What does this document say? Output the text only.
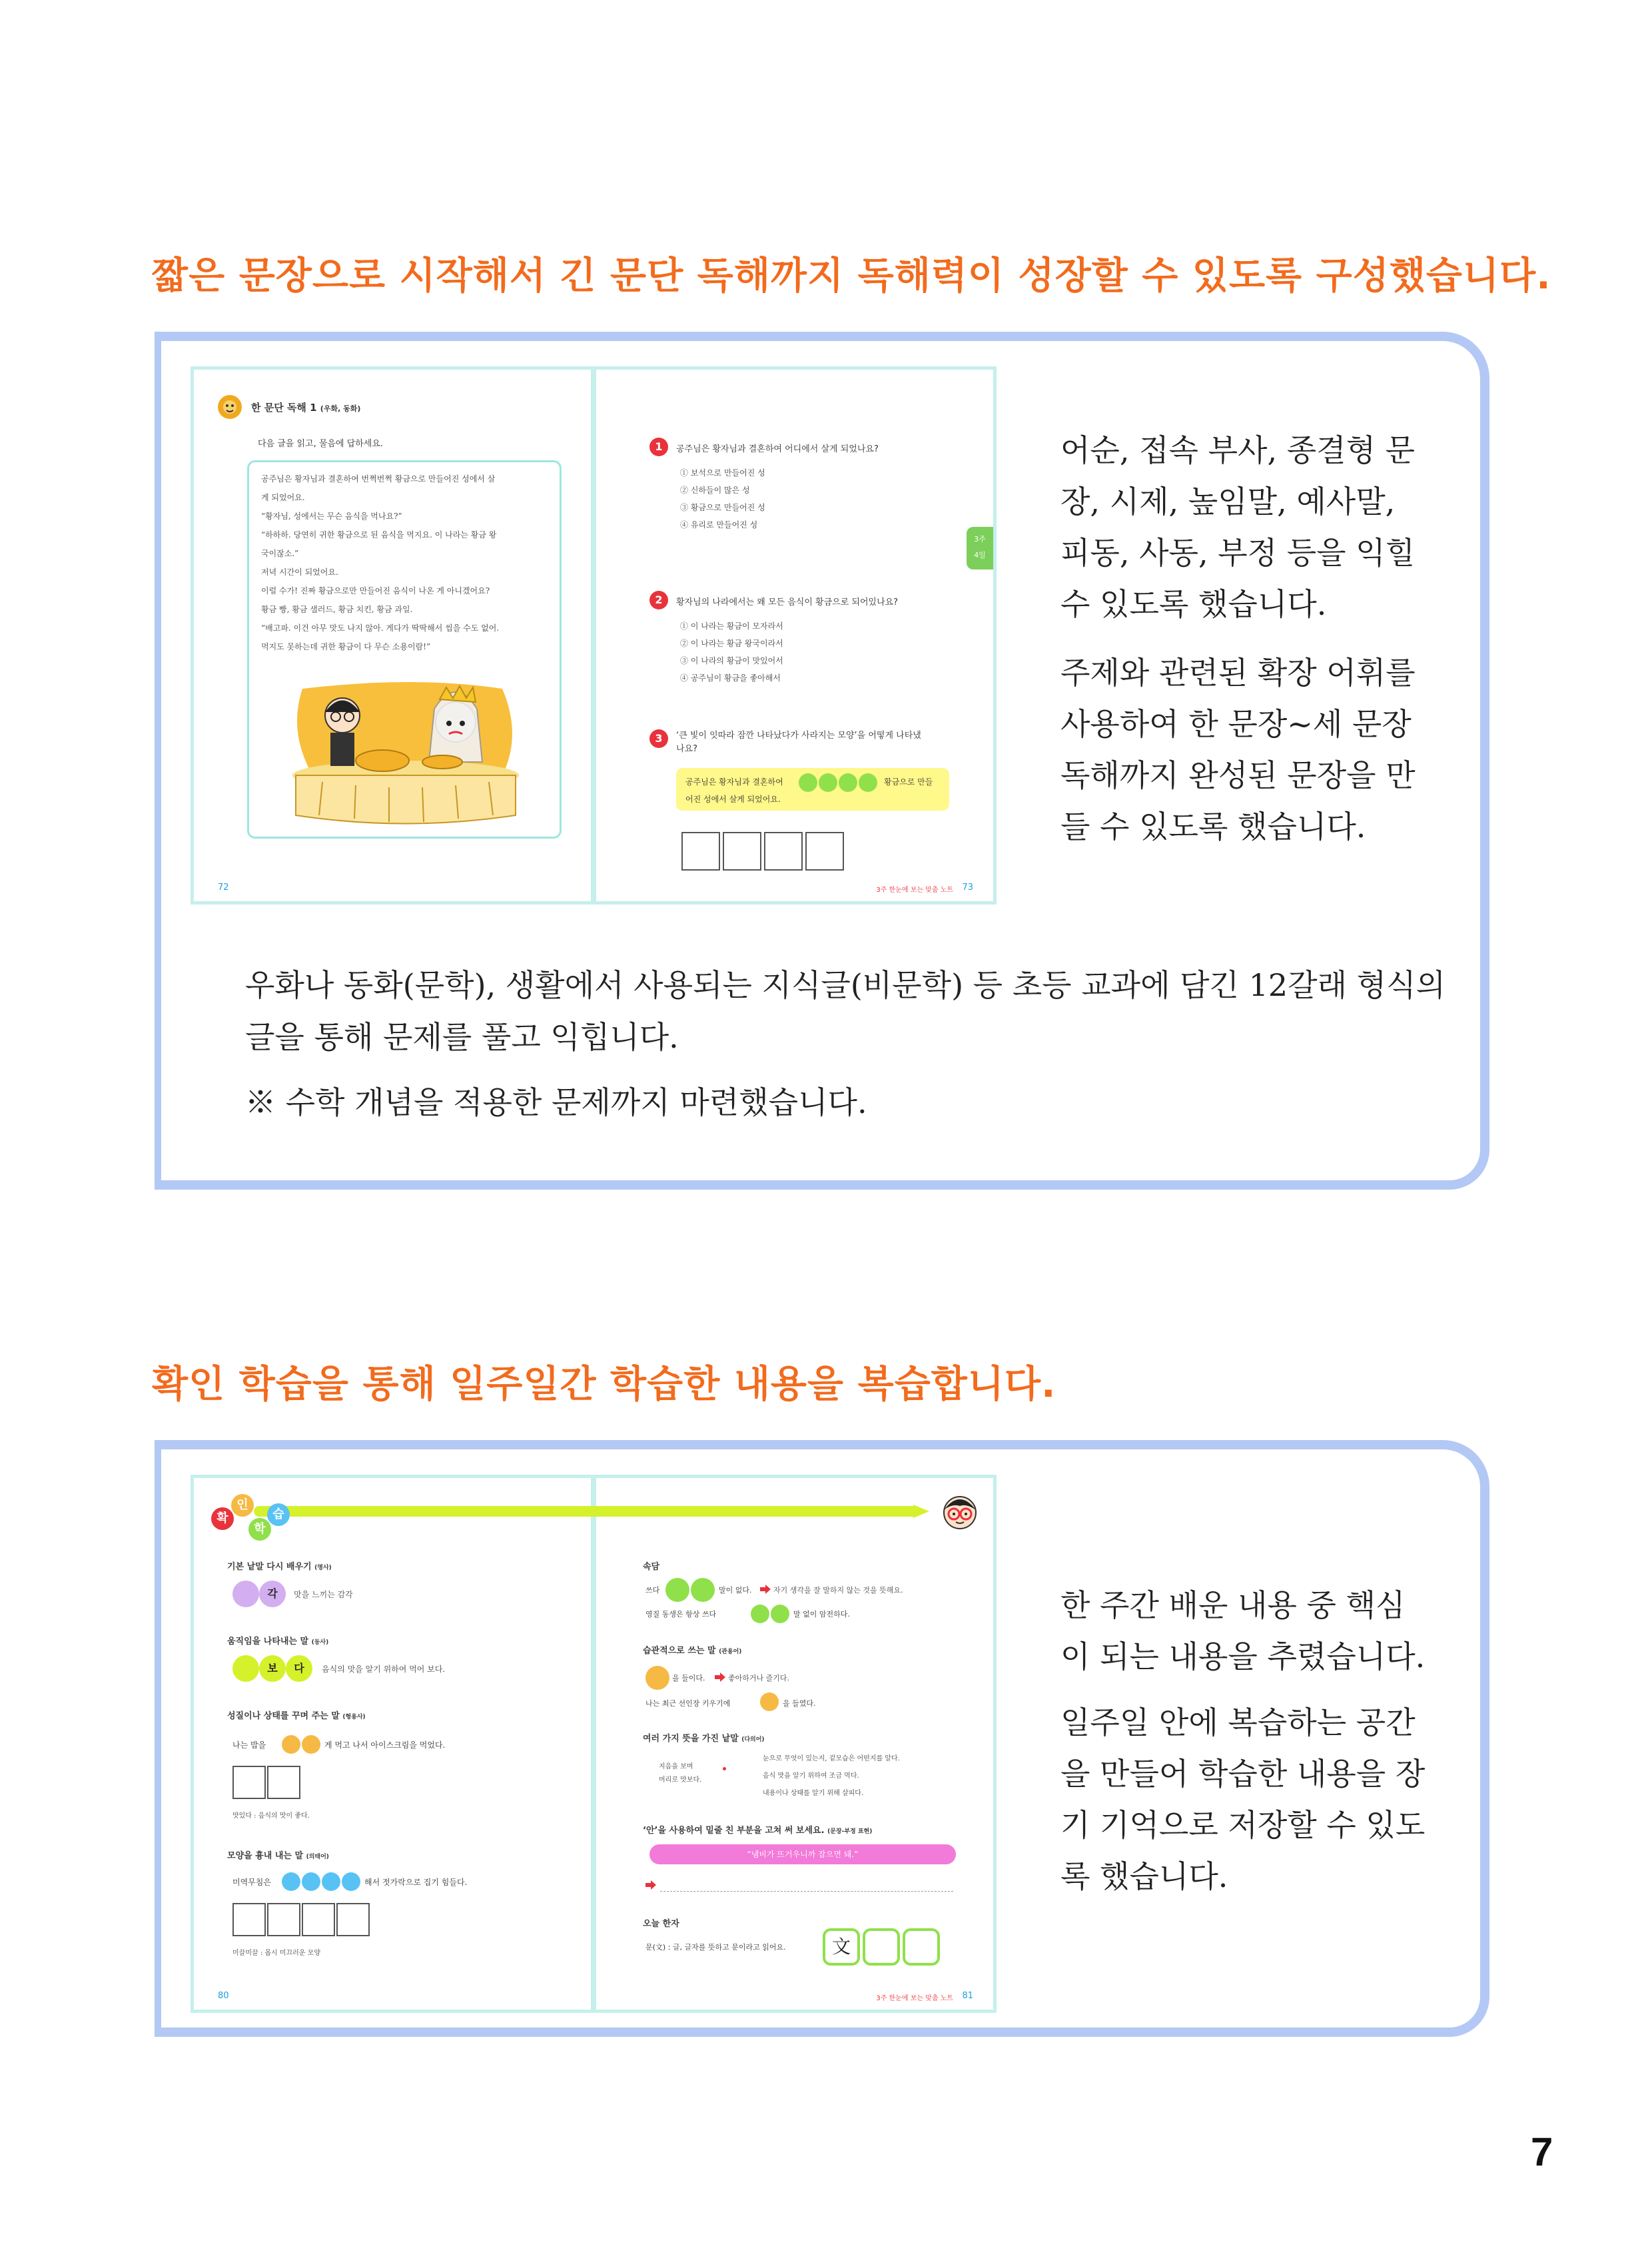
짧은 문장으로 시작해서 긴 문단 독해까지 독해력이 성장할 수 있도록 구성했습니다.
한 문단 독해 1 (우화, 동화)
다음 글을 읽고, 물음에 답하세요.
공주님은 황자님과 결혼하여 번쩍번쩍 황금으로 만들어진 성에서 살
게 되었어요.
“황자님, 성에서는 무슨 음식을 먹나요?”
“하하하. 당연히 귀한 황금으로 된 음식을 먹지요. 이 나라는 황금 왕
국이잖소.”
저녁 시간이 되었어요.
이럴 수가! 진짜 황금으로만 만들어진 음식이 나온 게 아니겠어요?
황금 빵, 황금 샐러드, 황금 치킨, 황금 과일.
“배고파. 이건 아무 맛도 나지 않아. 게다가 딱딱해서 씹을 수도 없어.
먹지도 못하는데 귀한 황금이 다 무슨 소용이람!”
72
1	공주님은 황자님과 결혼하여 어디에서 살게 되었나요?
① 보석으로 만들어진 성
② 신하들이 많은 성
③ 황금으로 만들어진 성
④ 유리로 만들어진 성
3주
4일
2	황자님의 나라에서는 왜 모든 음식이 황금으로 되어있나요?
① 이 나라는 황금이 모자라서
② 이 나라는 황금 왕국이라서
③ 이 나라의 황금이 맛있어서
④ 공주님이 황금을 좋아해서
3	‘큰 빛이 잇따라 잠깐 나타났다가 사라지는 모양’을 어떻게 나타냈
나요?
공주님은 황자님과 결혼하여	황금으로 만들
어진 성에서 살게 되었어요.
3주 한눈에 보는 맞춤 노트 73
어순, 접속 부사, 종결형 문
장, 시제, 높임말, 예사말,
피동, 사동, 부정 등을 익힐
수 있도록 했습니다.
주제와 관련된 확장 어휘를
사용하여 한 문장~세 문장
독해까지 완성된 문장을 만
들 수 있도록 했습니다.
우화나 동화(문학), 생활에서 사용되는 지식글(비문학) 등 초등 교과에 담긴 12갈래 형식의
글을 통해 문제를 풀고 익힙니다.
※ 수학 개념을 적용한 문제까지 마련했습니다.
확인 학습을 통해 일주일간 학습한 내용을 복습합니다.
확
인
학
습
기본 낱말 다시 배우기 (명사)
각	맛을 느끼는 감각
움직임을 나타내는 말 (동사)
보	다	음식의 맛을 알기 위하여 먹어 보다.
성질이나 상태를 꾸며 주는 말 (형용사)
나는 밥을	게 먹고 나서 아이스크림을 먹었다.
맛있다 : 음식의 맛이 좋다.
모양을 흉내 내는 말 (의태어)
미역무침은	해서 젓가락으로 집기 힘들다.
미끌미끌 : 몹시 미끄러운 모양
80
속담
쓰다	말이 없다.	자기 생각을 잘 말하지 않는 것을 뜻해요.
영질 동생은 항상 쓰다	말 없이 암전하다.
습관적으로 쓰는 말 (관용어)
을 들이다.	좋아하거나 즐기다.
나는 최근 선인장 키우기에	을 들였다.
여러 가지 뜻을 가진 낱말 (다의어)
지음을 보며
머리로 맛보다.
눈으로 무엇이 있는지, 겉모습은 어떤지를 알다.
음식 맛을 알기 위하여 조금 먹다.
내용이나 상태를 알기 위해 살피다.
‘안’을 사용하여 밑줄 친 부분을 고쳐 써 보세요. (문장-부정 표현)
“냄비가 뜨거우니까 잡으면 돼.”
오늘 한자
문(文) : 글, 글자를 뜻하고 문이라고 읽어요.	文
3주 한눈에 보는 맞춤 노트 81
한 주간 배운 내용 중 핵심
이 되는 내용을 추렸습니다.
일주일 안에 복습하는 공간
을 만들어 학습한 내용을 장
기 기억으로 저장할 수 있도
록 했습니다.
7
